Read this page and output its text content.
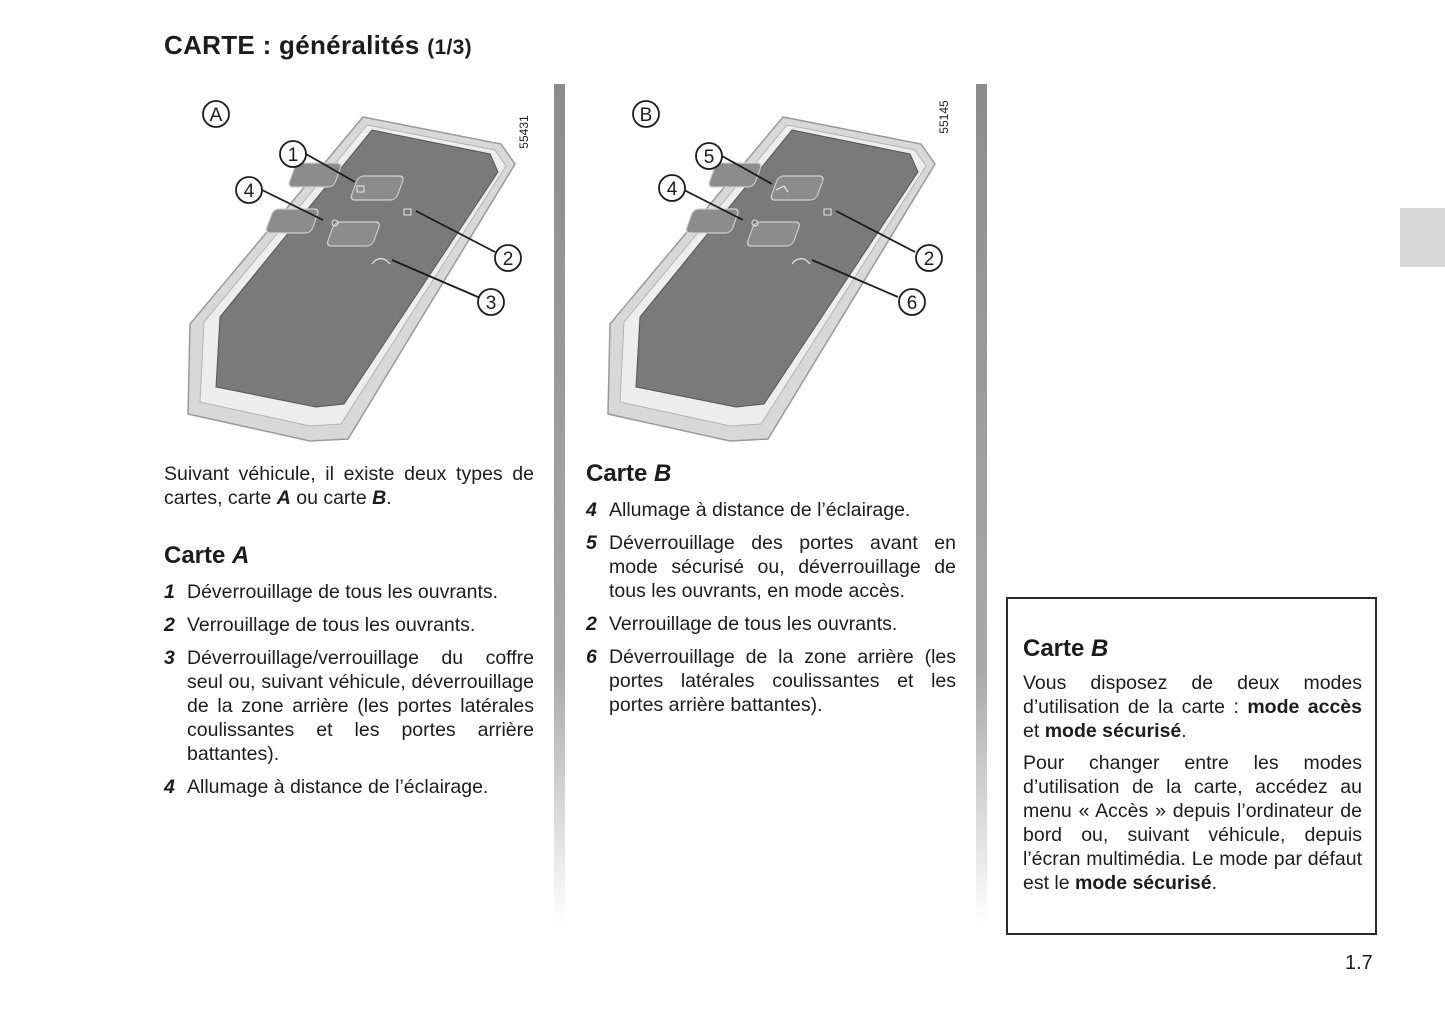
CARTE : généralités (1/3)
A
1
4
2
3
55431	B
5
4
2
6
55145

Suivant véhicule, il existe deux types de cartes, carte A ou carte B.

Carte A

1 Déverrouillage de tous les ouvrants.
2 Verrouillage de tous les ouvrants.
3 Déverrouillage/verrouillage du coffre seul ou, suivant véhicule, déverrouillage de la zone arrière (les portes latérales coulissantes et les portes arrière battantes).
4 Allumage à distance de l’éclairage.

Carte B

4 Allumage à distance de l’éclairage.
5 Déverrouillage des portes avant en mode sécurisé ou, déverrouillage de tous les ouvrants, en mode accès.
2 Verrouillage de tous les ouvrants.
6 Déverrouillage de la zone arrière (les portes latérales coulissantes et les portes arrière battantes).

Carte B

Vous disposez de deux modes d’utilisation de la carte : mode accès et mode sécurisé.

Pour changer entre les modes d’utilisation de la carte, accédez au menu « Accès » depuis l’ordinateur de bord ou, suivant véhicule, depuis l’écran multimédia. Le mode par défaut est le mode sécurisé.

1.7
